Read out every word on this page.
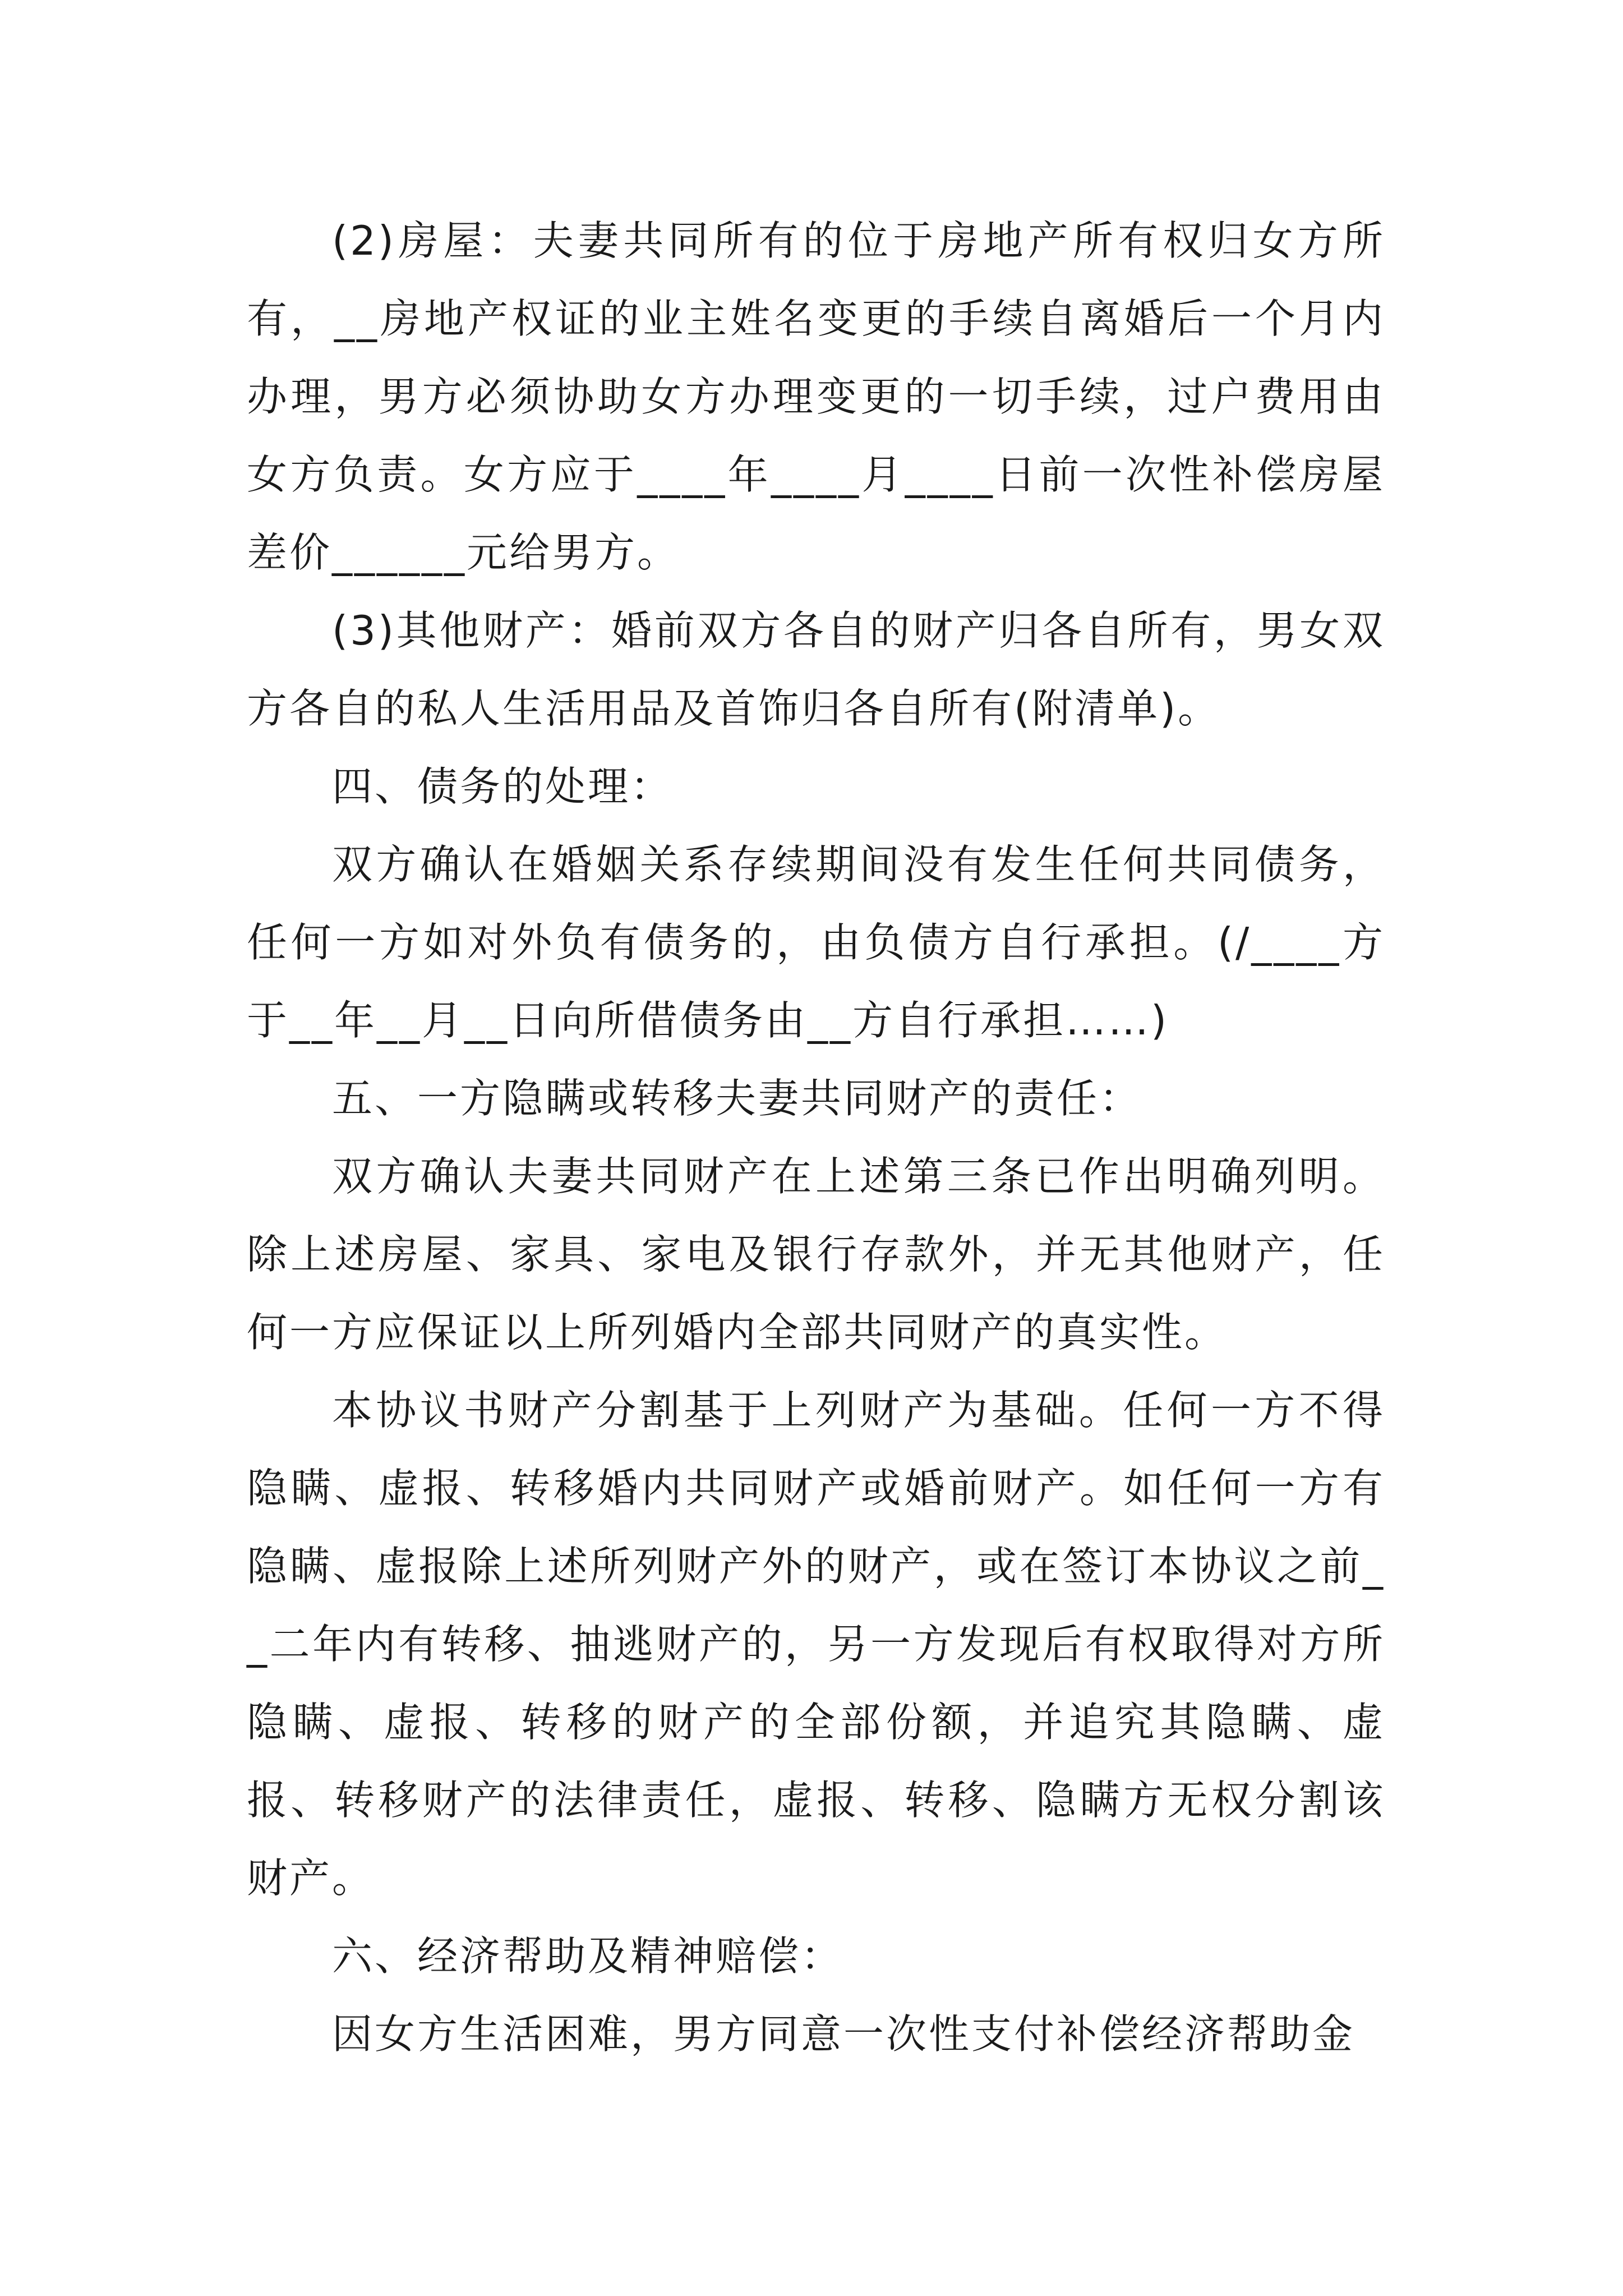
(2)房屋：夫妻共同所有的位于房地产所有权归女方所有，__房地产权证的业主姓名变更的手续自离婚后一个月内办理，男方必须协助女方办理变更的一切手续，过户费用由女方负责。女方应于____年____月____日前一次性补偿房屋差价______元给男方。

(3)其他财产：婚前双方各自的财产归各自所有，男女双方各自的私人生活用品及首饰归各自所有(附清单)。

四、债务的处理：

双方确认在婚姻关系存续期间没有发生任何共同债务，任何一方如对外负有债务的，由负债方自行承担。(/____方于__年__月__日向所借债务由__方自行承担……)

五、一方隐瞒或转移夫妻共同财产的责任：

双方确认夫妻共同财产在上述第三条已作出明确列明。除上述房屋、家具、家电及银行存款外，并无其他财产，任何一方应保证以上所列婚内全部共同财产的真实性。

本协议书财产分割基于上列财产为基础。任何一方不得隐瞒、虚报、转移婚内共同财产或婚前财产。如任何一方有隐瞒、虚报除上述所列财产外的财产，或在签订本协议之前__二年内有转移、抽逃财产的，另一方发现后有权取得对方所隐瞒、虚报、转移的财产的全部份额，并追究其隐瞒、虚报、转移财产的法律责任，虚报、转移、隐瞒方无权分割该财产。

六、经济帮助及精神赔偿：

因女方生活困难，男方同意一次性支付补偿经济帮助金
